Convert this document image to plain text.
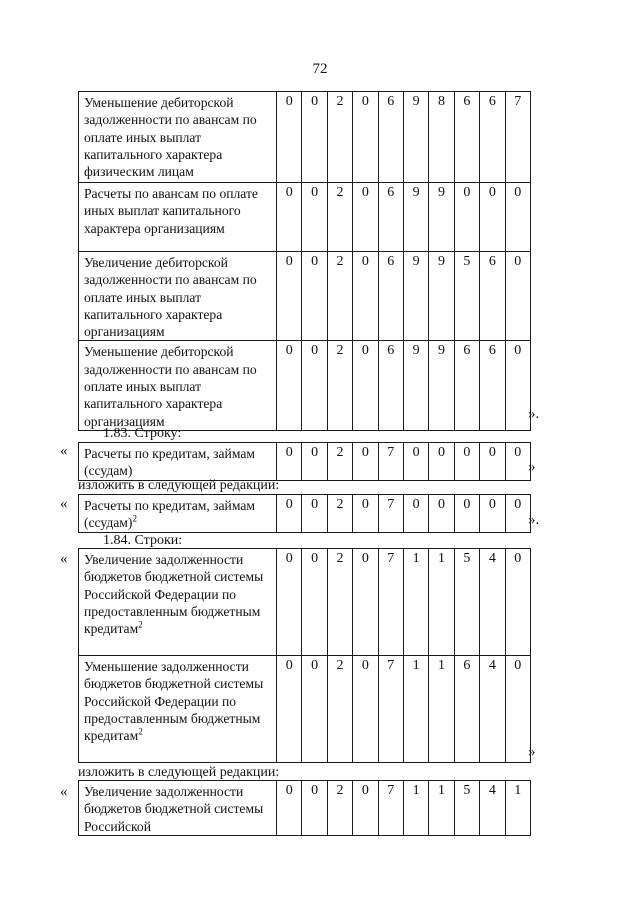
72
Уменьшение дебиторской задолженности по авансам по оплате иных выплат капитального характера физическим лицам	0	0	2	0	6	9	8	6	6	7
Расчеты по авансам по оплате иных выплат капитального характера организациям	0	0	2	0	6	9	9	0	0	0
Увеличение дебиторской задолженности по авансам по оплате иных выплат капитального характера организациям	0	0	2	0	6	9	9	5	6	0
Уменьшение дебиторской задолженности по авансам по оплате иных выплат капитального характера организациям	0	0	2	0	6	9	9	6	6	0
».
1.83. Строку:
« Расчеты по кредитам, займам (ссудам)	0	0	2	0	7	0	0	0	0	0
»
изложить в следующей редакции:
« Расчеты по кредитам, займам (ссудам)$^2$	0	0	2	0	7	0	0	0	0	0
».
1.84. Строки:
« Увеличение задолженности бюджетов бюджетной системы Российской Федерации по предоставленным бюджетным кредитам$^2$	0	0	2	0	7	1	1	5	4	0
Уменьшение задолженности бюджетов бюджетной системы Российской Федерации по предоставленным бюджетным кредитам$^2$	0	0	2	0	7	1	1	6	4	0
»
изложить в следующей редакции:
« Увеличение задолженности бюджетов бюджетной системы Российской	0	0	2	0	7	1	1	5	4	1
